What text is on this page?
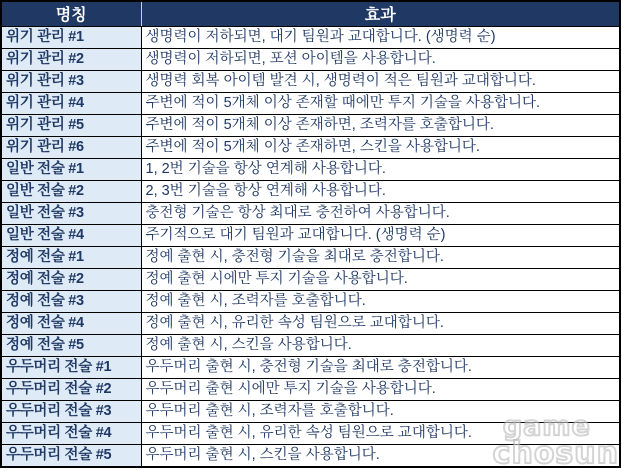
명칭	효과
위기 관리 #1	생명력이 저하되면, 대기 팀원과 교대합니다. (생명력 순)
위기 관리 #2	생명력이 저하되면, 포션 아이템을 사용합니다.
위기 관리 #3	생명력 회복 아이템 발견 시, 생명력이 적은 팀원과 교대합니다.
위기 관리 #4	주변에 적이 5개체 이상 존재할 때에만 투지 기술을 사용합니다.
위기 관리 #5	주변에 적이 5개체 이상 존재하면, 조력자를 호출합니다.
위기 관리 #6	주변에 적이 5개체 이상 존재하면, 스킨을 사용합니다.
일반 전술 #1	1, 2번 기술을 항상 연계해 사용합니다.
일반 전술 #2	2, 3번 기술을 항상 연계해 사용합니다.
일반 전술 #3	충전형 기술은 항상 최대로 충전하여 사용합니다.
일반 전술 #4	주기적으로 대기 팀원과 교대합니다. (생명력 순)
정예 전술 #1	정예 출현 시, 충전형 기술을 최대로 충전합니다.
정예 전술 #2	정예 출현 시에만 투지 기술을 사용합니다.
정예 전술 #3	정예 출현 시, 조력자를 호출합니다.
정예 전술 #4	정예 출현 시, 유리한 속성 팀원으로 교대합니다.
정예 전술 #5	정예 출현 시, 스킨을 사용합니다.
우두머리 전술 #1	우두머리 출현 시, 충전형 기술을 최대로 충전합니다.
우두머리 전술 #2	우두머리 출현 시에만 투지 기술을 사용합니다.
우두머리 전술 #3	우두머리 출현 시, 조력자를 호출합니다.
우두머리 전술 #4	우두머리 출현 시, 유리한 속성 팀원으로 교대합니다.
우두머리 전술 #5	우두머리 출현 시, 스킨을 사용합니다.
game
chosun
